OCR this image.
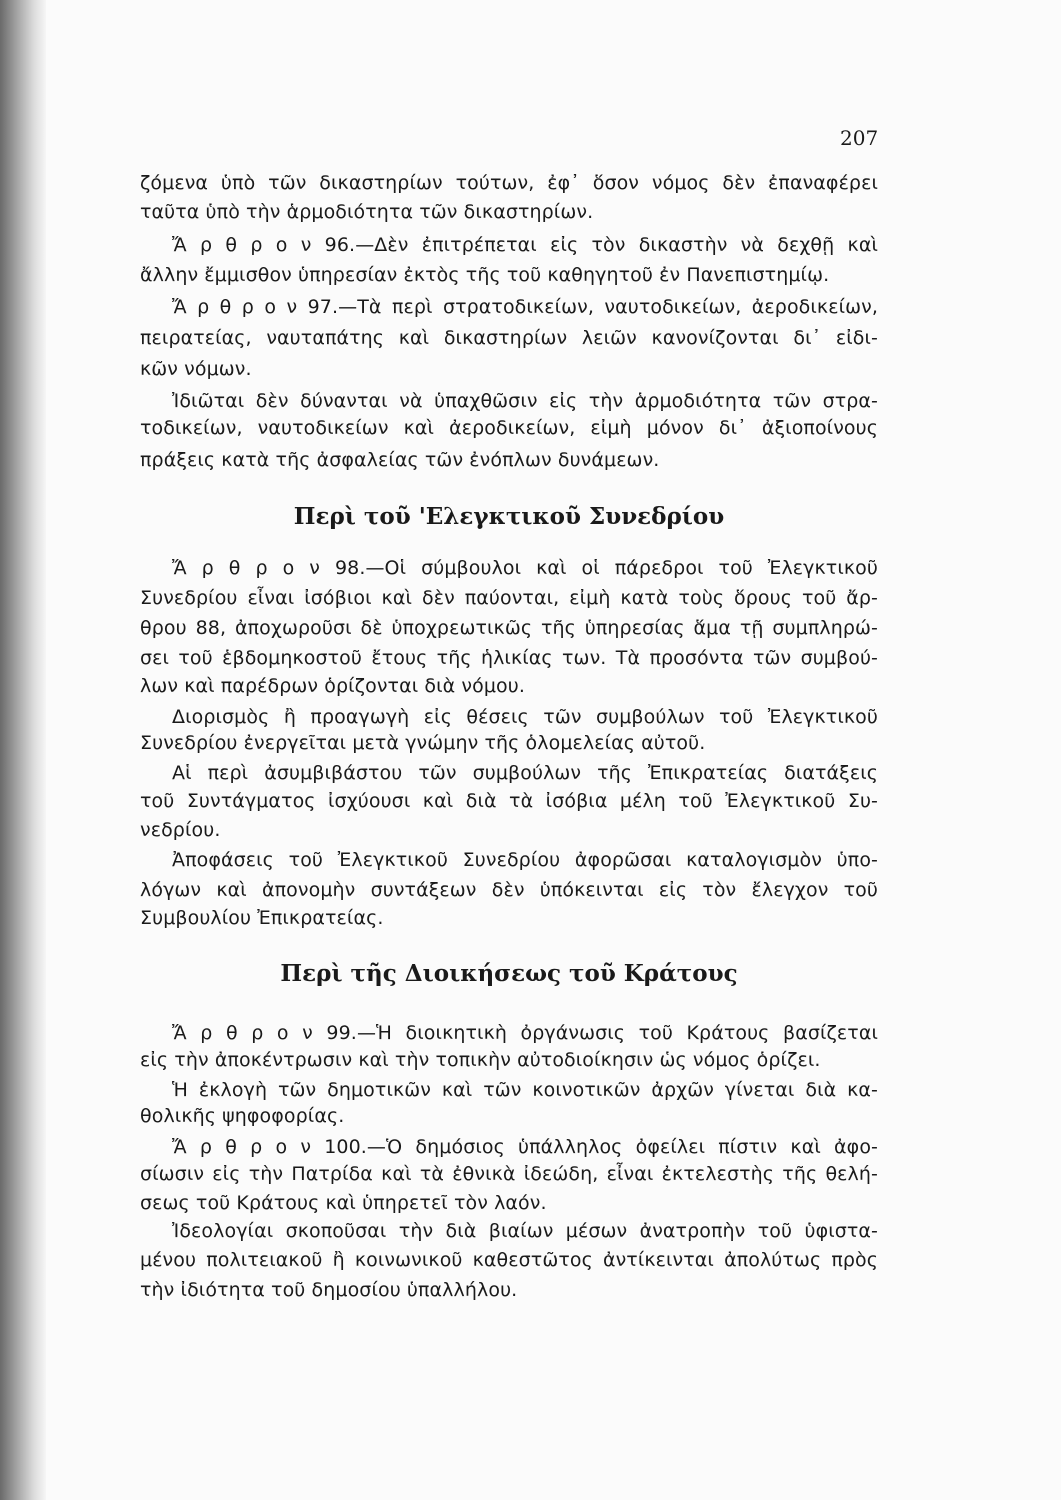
207
Περὶ τοῦ 'Ελεγκτικοῦ Συνεδρίου
Περὶ τῆς Διοικήσεως τοῦ Κράτους
ζόμενα ὑπὸ τῶν δικαστηρίων τούτων, ἐφ᾽ ὅσον νόμος δὲν ἐπαναφέρει
ταῦτα ὑπὸ τὴν ἁρμοδιότητα τῶν δικαστηρίων.
Ἄ ρ θ ρ ο ν 96.—Δὲν ἐπιτρέπεται εἰς τὸν δικαστὴν νὰ δεχθῇ καὶ
ἄλλην ἔμμισθον ὑπηρεσίαν ἐκτὸς τῆς τοῦ καθηγητοῦ ἐν Πανεπιστημίῳ.
Ἄ ρ θ ρ ο ν 97.—Τὰ περὶ στρατοδικείων, ναυτοδικείων, ἀεροδικείων,
πειρατείας, ναυταπάτης καὶ δικαστηρίων λειῶν κανονίζονται δι᾽ εἰδι-
κῶν νόμων.
Ἰδιῶται δὲν δύνανται νὰ ὑπαχθῶσιν εἰς τὴν ἁρμοδιότητα τῶν στρα-
τοδικείων, ναυτοδικείων καὶ ἀεροδικείων, εἰμὴ μόνον δι᾽ ἀξιοποίνους
πράξεις κατὰ τῆς ἀσφαλείας τῶν ἐνόπλων δυνάμεων.
Ἄ ρ θ ρ ο ν 98.—Οἱ σύμβουλοι καὶ οἱ πάρεδροι τοῦ Ἐλεγκτικοῦ
Συνεδρίου εἶναι ἰσόβιοι καὶ δὲν παύονται, εἰμὴ κατὰ τοὺς ὅρους τοῦ ἄρ-
θρου 88, ἀποχωροῦσι δὲ ὑποχρεωτικῶς τῆς ὑπηρεσίας ἅμα τῇ συμπληρώ-
σει τοῦ ἑβδομηκοστοῦ ἔτους τῆς ἡλικίας των. Τὰ προσόντα τῶν συμβού-
λων καὶ παρέδρων ὁρίζονται διὰ νόμου.
Διορισμὸς ἢ προαγωγὴ εἰς θέσεις τῶν συμβούλων τοῦ Ἐλεγκτικοῦ
Συνεδρίου ἐνεργεῖται μετὰ γνώμην τῆς ὁλομελείας αὐτοῦ.
Αἱ περὶ ἀσυμβιβάστου τῶν συμβούλων τῆς Ἐπικρατείας διατάξεις
τοῦ Συντάγματος ἰσχύουσι καὶ διὰ τὰ ἰσόβια μέλη τοῦ Ἐλεγκτικοῦ Συ-
νεδρίου.
Ἀποφάσεις τοῦ Ἐλεγκτικοῦ Συνεδρίου ἀφορῶσαι καταλογισμὸν ὑπο-
λόγων καὶ ἀπονομὴν συντάξεων δὲν ὑπόκεινται εἰς τὸν ἔλεγχον τοῦ
Συμβουλίου Ἐπικρατείας.
Ἄ ρ θ ρ ο ν 99.—Ἡ διοικητικὴ ὀργάνωσις τοῦ Κράτους βασίζεται
εἰς τὴν ἀποκέντρωσιν καὶ τὴν τοπικὴν αὐτοδιοίκησιν ὡς νόμος ὁρίζει.
Ἡ ἐκλογὴ τῶν δημοτικῶν καὶ τῶν κοινοτικῶν ἀρχῶν γίνεται διὰ κα-
θολικῆς ψηφοφορίας.
Ἄ ρ θ ρ ο ν 100.—Ὁ δημόσιος ὑπάλληλος ὀφείλει πίστιν καὶ ἀφο-
σίωσιν εἰς τὴν Πατρίδα καὶ τὰ ἐθνικὰ ἰδεώδη, εἶναι ἐκτελεστὴς τῆς θελή-
σεως τοῦ Κράτους καὶ ὑπηρετεῖ τὸν λαόν.
Ἰδεολογίαι σκοποῦσαι τὴν διὰ βιαίων μέσων ἀνατροπὴν τοῦ ὑφιστα-
μένου πολιτειακοῦ ἢ κοινωνικοῦ καθεστῶτος ἀντίκεινται ἀπολύτως πρὸς
τὴν ἰδιότητα τοῦ δημοσίου ὑπαλλήλου.
